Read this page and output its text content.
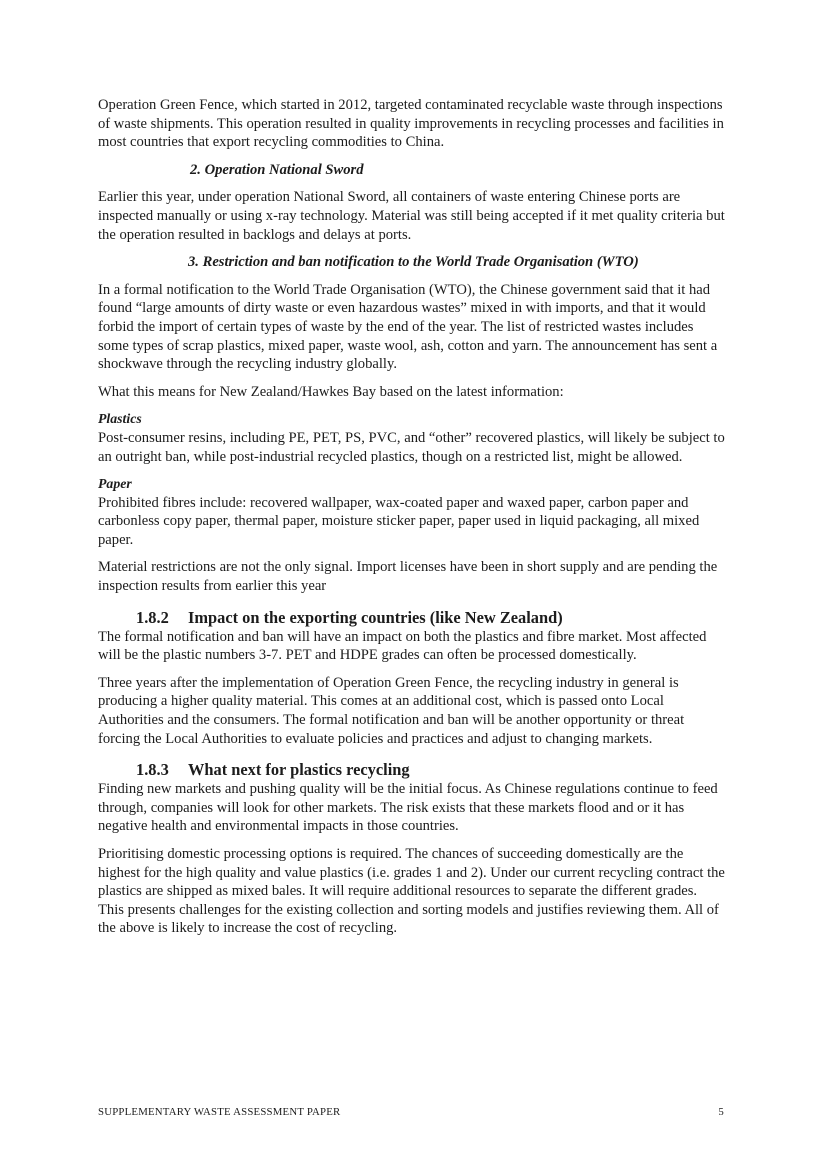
Operation Green Fence, which started in 2012, targeted contaminated recyclable waste through inspections of waste shipments. This operation resulted in quality improvements in recycling processes and facilities in most countries that export recycling commodities to China.

2. Operation National Sword

Earlier this year, under operation National Sword, all containers of waste entering Chinese ports are inspected manually or using x-ray technology. Material was still being accepted if it met quality criteria but the operation resulted in backlogs and delays at ports.

3. Restriction and ban notification to the World Trade Organisation (WTO)

In a formal notification to the World Trade Organisation (WTO), the Chinese government said that it had found “large amounts of dirty waste or even hazardous wastes” mixed in with imports, and that it would forbid the import of certain types of waste by the end of the year. The list of restricted wastes includes some types of scrap plastics, mixed paper, waste wool, ash, cotton and yarn. The announcement has sent a shockwave through the recycling industry globally.

What this means for New Zealand/Hawkes Bay based on the latest information:

Plastics

Post-consumer resins, including PE, PET, PS, PVC, and “other” recovered plastics, will likely be subject to an outright ban, while post-industrial recycled plastics, though on a restricted list, might be allowed.

Paper

Prohibited fibres include: recovered wallpaper, wax-coated paper and waxed paper, carbon paper and carbonless copy paper, thermal paper, moisture sticker paper, paper used in liquid packaging, all mixed paper.

Material restrictions are not the only signal. Import licenses have been in short supply and are pending the inspection results from earlier this year

1.8.2 Impact on the exporting countries (like New Zealand)

The formal notification and ban will have an impact on both the plastics and fibre market. Most affected will be the plastic numbers 3-7. PET and HDPE grades can often be processed domestically.

Three years after the implementation of Operation Green Fence, the recycling industry in general is producing a higher quality material. This comes at an additional cost, which is passed onto Local Authorities and the consumers. The formal notification and ban will be another opportunity or threat forcing the Local Authorities to evaluate policies and practices and adjust to changing markets.

1.8.3 What next for plastics recycling

Finding new markets and pushing quality will be the initial focus. As Chinese regulations continue to feed through, companies will look for other markets. The risk exists that these markets flood and or it has negative health and environmental impacts in those countries.

Prioritising domestic processing options is required. The chances of succeeding domestically are the highest for the high quality and value plastics (i.e. grades 1 and 2). Under our current recycling contract the plastics are shipped as mixed bales. It will require additional resources to separate the different grades. This presents challenges for the existing collection and sorting models and justifies reviewing them. All of the above is likely to increase the cost of recycling.

SUPPLEMENTARY WASTE ASSESSMENT PAPER	5
